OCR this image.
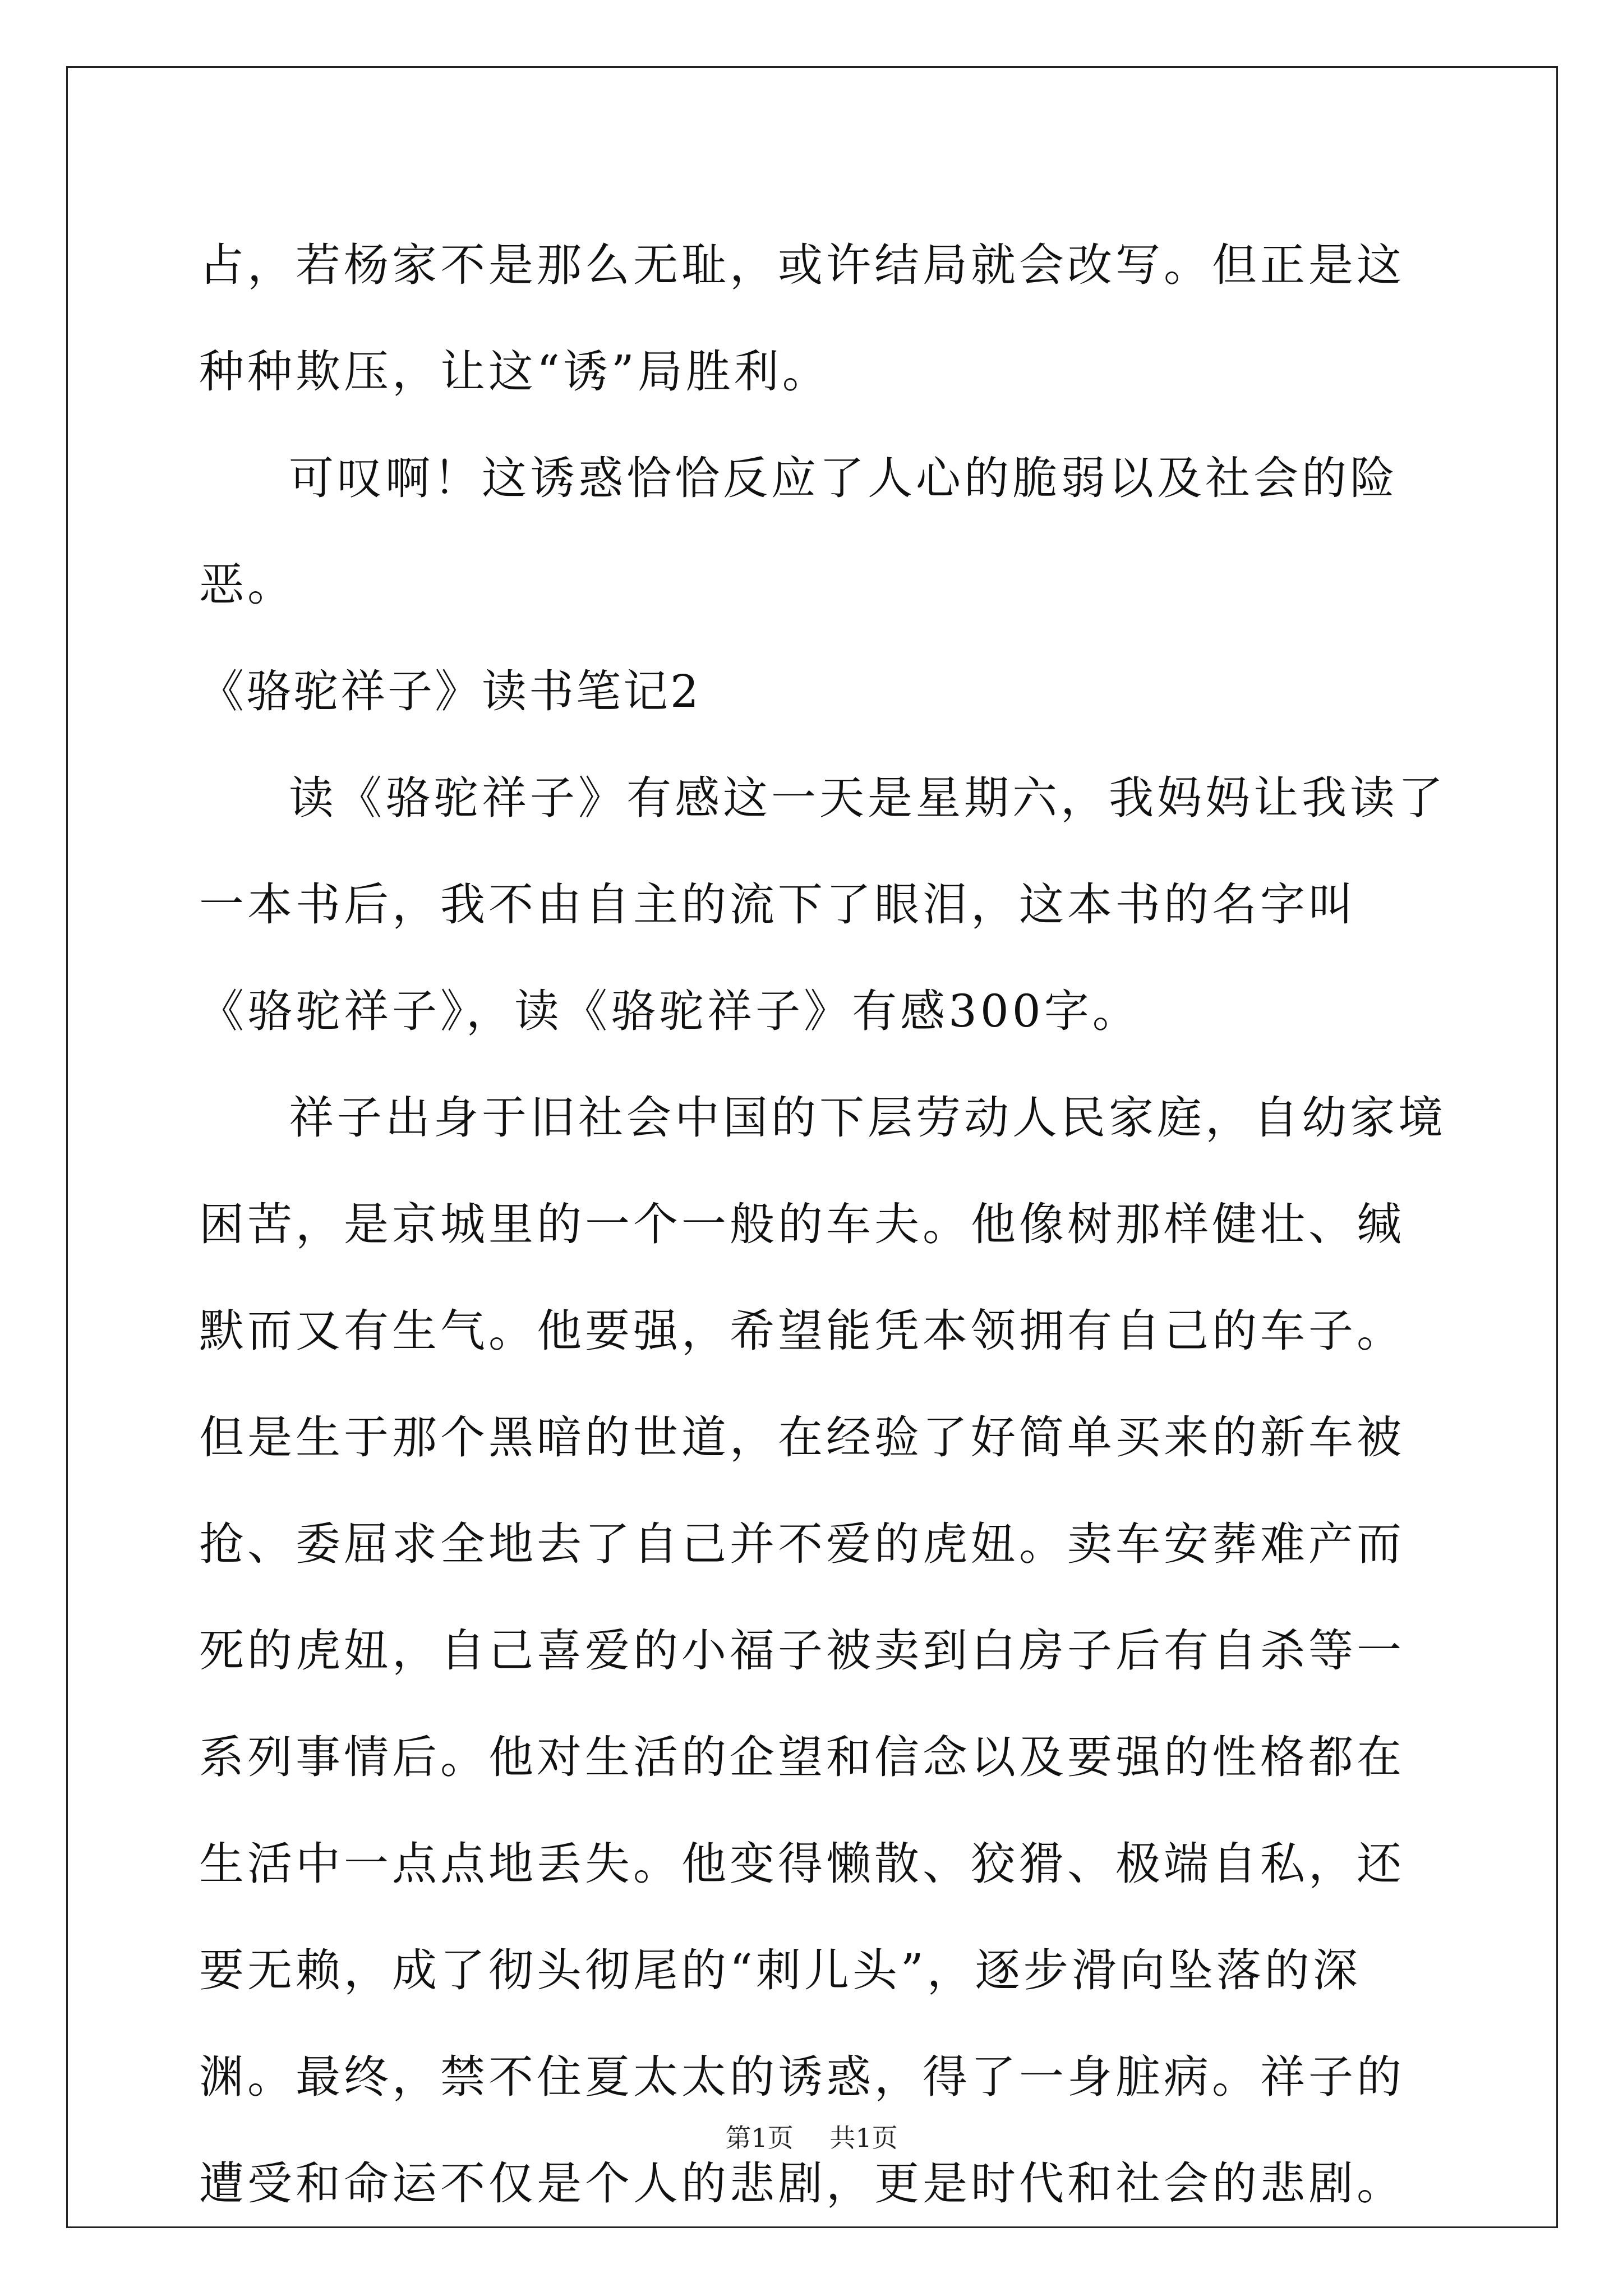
占，若杨家不是那么无耻，或许结局就会改写。但正是这种种欺压，让这“诱”局胜利。

可叹啊！这诱惑恰恰反应了人心的脆弱以及社会的险恶。

《骆驼祥子》读书笔记2

读《骆驼祥子》有感这一天是星期六，我妈妈让我读了一本书后，我不由自主的流下了眼泪，这本书的名字叫《骆驼祥子》，读《骆驼祥子》有感300字。

祥子出身于旧社会中国的下层劳动人民家庭，自幼家境困苦，是京城里的一个一般的车夫。他像树那样健壮、缄默而又有生气。他要强，希望能凭本领拥有自己的车子。但是生于那个黑暗的世道，在经验了好简单买来的新车被抢、委屈求全地去了自己并不爱的虎妞。卖车安葬难产而死的虎妞，自己喜爱的小福子被卖到白房子后有自杀等一系列事情后。他对生活的企望和信念以及要强的性格都在生活中一点点地丢失。他变得懒散、狡猾、极端自私，还要无赖，成了彻头彻尾的“刺儿头”，逐步滑向坠落的深渊。最终，禁不住夏太太的诱惑，得了一身脏病。祥子的遭受和命运不仅是个人的悲剧，更是时代和社会的悲剧。

第1页 共1页
